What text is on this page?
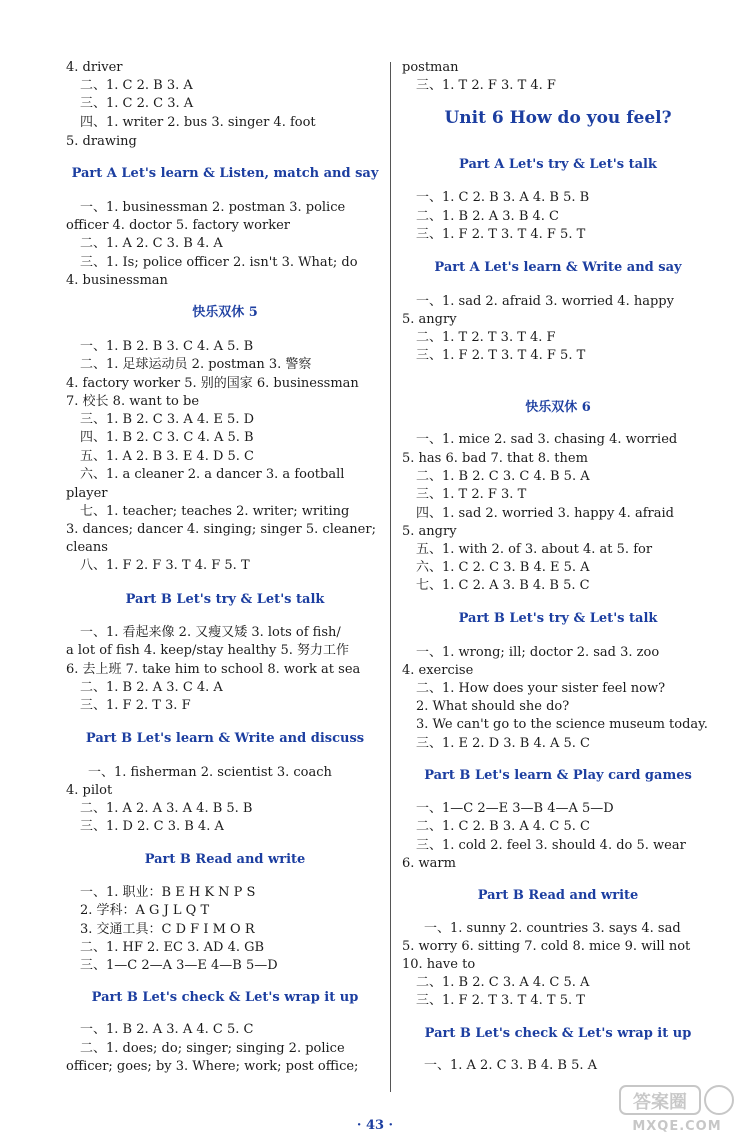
4. driver
二、1. C 2. B 3. A
三、1. C 2. C 3. A
四、1. writer 2. bus 3. singer 4. foot
5. drawing
Part A Let's learn & Listen, match and say
一、1. businessman 2. postman 3. police
officer 4. doctor 5. factory worker
二、1. A 2. C 3. B 4. A
三、1. Is; police officer 2. isn't 3. What; do
4. businessman
快乐双休 5
一、1. B 2. B 3. C 4. A 5. B
二、1. 足球运动员 2. postman 3. 警察
4. factory worker 5. 别的国家 6. businessman
7. 校长 8. want to be
三、1. B 2. C 3. A 4. E 5. D
四、1. B 2. C 3. C 4. A 5. B
五、1. A 2. B 3. E 4. D 5. C
六、1. a cleaner 2. a dancer 3. a football
player
七、1. teacher; teaches 2. writer; writing
3. dances; dancer 4. singing; singer 5. cleaner;
cleans
八、1. F 2. F 3. T 4. F 5. T
Part B Let's try & Let's talk
一、1. 看起来像 2. 又瘦又矮 3. lots of fish/
a lot of fish 4. keep/stay healthy 5. 努力工作
6. 去上班 7. take him to school 8. work at sea
二、1. B 2. A 3. C 4. A
三、1. F 2. T 3. F
Part B Let's learn & Write and discuss
一、1. fisherman 2. scientist 3. coach
4. pilot
二、1. A 2. A 3. A 4. B 5. B
三、1. D 2. C 3. B 4. A
Part B Read and write
一、1. 职业：B E H K N P S
2. 学科：A G J L Q T
3. 交通工具：C D F I M O R
二、1. HF 2. EC 3. AD 4. GB
三、1—C 2—A 3—E 4—B 5—D
Part B Let's check & Let's wrap it up
一、1. B 2. A 3. A 4. C 5. C
二、1. does; do; singer; singing 2. police
officer; goes; by 3. Where; work; post office;
postman
三、1. T 2. F 3. T 4. F
Unit 6 How do you feel?
Part A Let's try & Let's talk
一、1. C 2. B 3. A 4. B 5. B
二、1. B 2. A 3. B 4. C
三、1. F 2. T 3. T 4. F 5. T
Part A Let's learn & Write and say
一、1. sad 2. afraid 3. worried 4. happy
5. angry
二、1. T 2. T 3. T 4. F
三、1. F 2. T 3. T 4. F 5. T
快乐双休 6
一、1. mice 2. sad 3. chasing 4. worried
5. has 6. bad 7. that 8. them
二、1. B 2. C 3. C 4. B 5. A
三、1. T 2. F 3. T
四、1. sad 2. worried 3. happy 4. afraid
5. angry
五、1. with 2. of 3. about 4. at 5. for
六、1. C 2. C 3. B 4. E 5. A
七、1. C 2. A 3. B 4. B 5. C
Part B Let's try & Let's talk
一、1. wrong; ill; doctor 2. sad 3. zoo
4. exercise
二、1. How does your sister feel now?
2. What should she do?
3. We can't go to the science museum today.
三、1. E 2. D 3. B 4. A 5. C
Part B Let's learn & Play card games
一、1—C 2—E 3—B 4—A 5—D
二、1. C 2. B 3. A 4. C 5. C
三、1. cold 2. feel 3. should 4. do 5. wear
6. warm
Part B Read and write
一、1. sunny 2. countries 3. says 4. sad
5. worry 6. sitting 7. cold 8. mice 9. will not
10. have to
二、1. B 2. C 3. A 4. C 5. A
三、1. F 2. T 3. T 4. T 5. T
Part B Let's check & Let's wrap it up
一、1. A 2. C 3. B 4. B 5. A
· 43 ·
答案圈
MXQE.COM
